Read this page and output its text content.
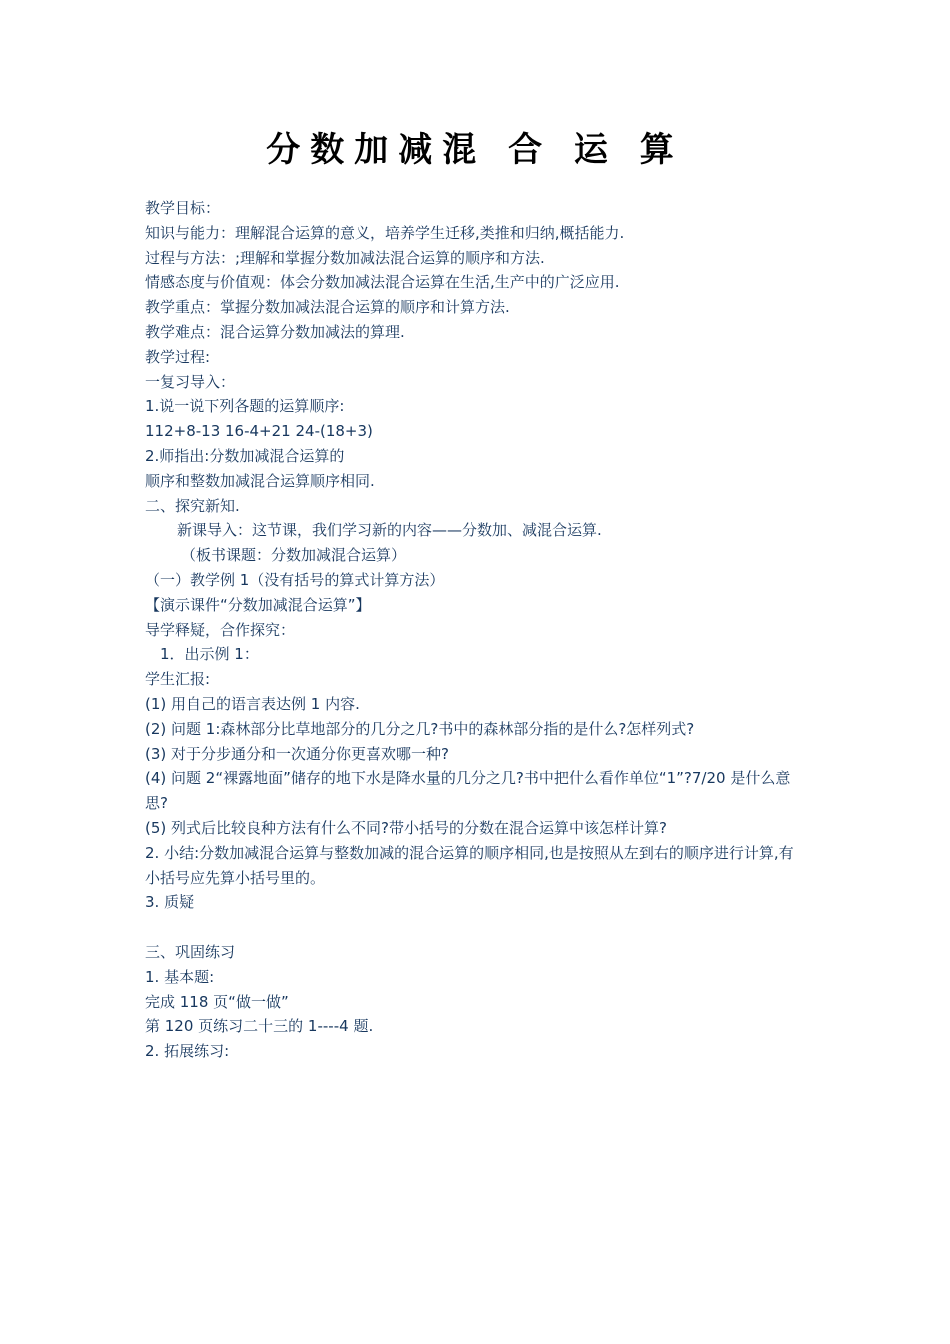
分数加减混 合 运 算
教学目标：
知识与能力：理解混合运算的意义，培养学生迁移,类推和归纳,概括能力.
过程与方法：;理解和掌握分数加减法混合运算的顺序和方法.
情感态度与价值观：体会分数加减法混合运算在生活,生产中的广泛应用.
教学重点：掌握分数加减法混合运算的顺序和计算方法.
教学难点：混合运算分数加减法的算理.
教学过程:
一复习导入：
1.说一说下列各题的运算顺序:
112+8-13 16-4+21 24-(18+3)
2.师指出:分数加减混合运算的
顺序和整数加减混合运算顺序相同.
二、探究新知.
新课导入：这节课，我们学习新的内容——分数加、减混合运算.
（板书课题：分数加减混合运算）
（一）教学例 1（没有括号的算式计算方法）
【演示课件“分数加减混合运算”】
导学释疑，合作探究：
1．出示例 1：
学生汇报:
(1) 用自己的语言表达例 1 内容.
(2) 问题 1:森林部分比草地部分的几分之几?书中的森林部分指的是什么?怎样列式?
(3) 对于分步通分和一次通分你更喜欢哪一种?
(4) 问题 2“裸露地面”储存的地下水是降水量的几分之几?书中把什么看作单位“1”?7/20 是什么意思?
(5) 列式后比较良种方法有什么不同?带小括号的分数在混合运算中该怎样计算?
2. 小结:分数加减混合运算与整数加减的混合运算的顺序相同,也是按照从左到右的顺序进行计算,有小括号应先算小括号里的。
3. 质疑
三、巩固练习
1. 基本题:
完成 118 页“做一做”
第 120 页练习二十三的 1----4 题.
2. 拓展练习:
